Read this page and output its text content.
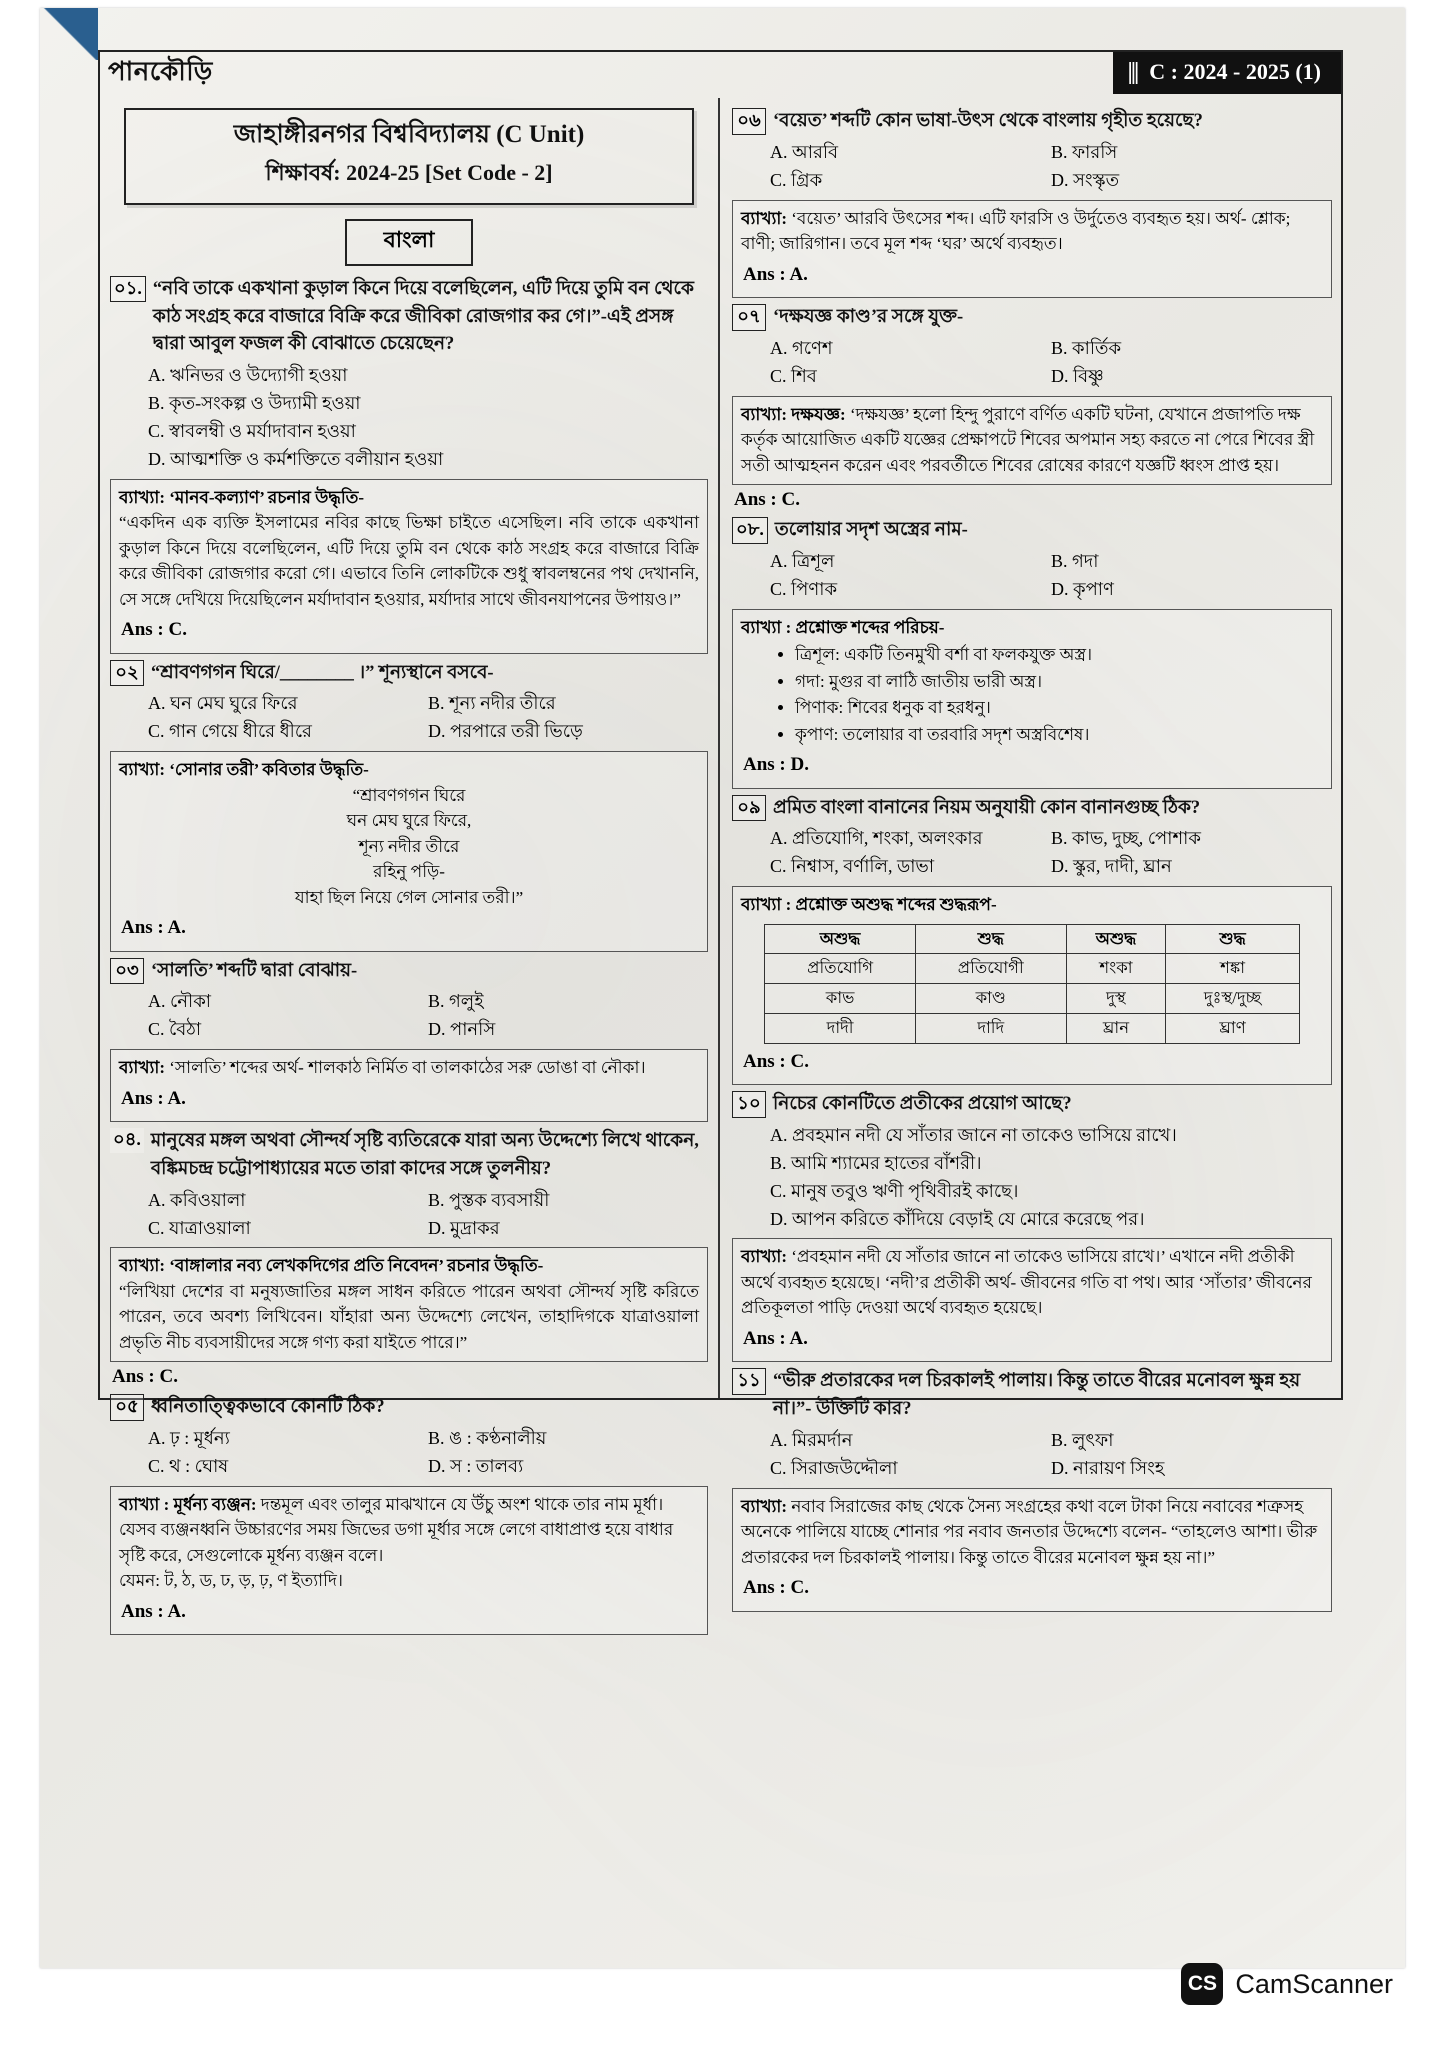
পানকৌড়ি	||| C : 2024 - 2025 (1)
জাহাঙ্গীরনগর বিশ্ববিদ্যালয় (C Unit)
শিক্ষাবর্ষ: 2024-25 [Set Code - 2]
বাংলা
০১. “নবি তাকে একখানা কুড়াল কিনে দিয়ে বলেছিলেন, এটি দিয়ে তুমি বন থেকে কাঠ সংগ্রহ করে বাজারে বিক্রি করে জীবিকা রোজগার কর গে।”-এই প্রসঙ্গ দ্বারা আবুল ফজল কী বোঝাতে চেয়েছেন?
A. ঋনিভর ও উদ্যোগী হওয়া
B. কৃত-সংকল্প ও উদ্যামী হওয়া
C. স্বাবলম্বী ও মর্যাদাবান হওয়া
D. আত্মশক্তি ও কর্মশক্তিতে বলীয়ান হওয়া
ব্যাখ্যা: ‘মানব-কল্যাণ’ রচনার উদ্ধৃতি-
“একদিন এক ব্যক্তি ইসলামের নবির কাছে ভিক্ষা চাইতে এসেছিল। নবি তাকে একখানা কুড়াল কিনে দিয়ে বলেছিলেন, এটি দিয়ে তুমি বন থেকে কাঠ সংগ্রহ করে বাজারে বিক্রি করে জীবিকা রোজগার করো গে। এভাবে তিনি লোকটিকে শুধু স্বাবলম্বনের পথ দেখাননি, সে সঙ্গে দেখিয়ে দিয়েছিলেন মর্যাদাবান হওয়ার, মর্যাদার সাথে জীবনযাপনের উপায়ও।”
Ans : C.
০২ “শ্রাবণগগন ঘিরে/________ ।” শূন্যস্থানে বসবে-
A. ঘন মেঘ ঘুরে ফিরে	B. শূন্য নদীর তীরে
C. গান গেয়ে ধীরে ধীরে	D. পরপারে তরী ভিড়ে
ব্যাখ্যা: ‘সোনার তরী’ কবিতার উদ্ধৃতি-
“শ্রাবণগগন ঘিরে
ঘন মেঘ ঘুরে ফিরে,
শূন্য নদীর তীরে
রহিনু পড়ি-
যাহা ছিল নিয়ে গেল সোনার তরী।”
Ans : A.
০৩ ‘সালতি’ শব্দটি দ্বারা বোঝায়-
A. নৌকা	B. গলুই
C. বৈঠা	D. পানসি
ব্যাখ্যা: ‘সালতি’ শব্দের অর্থ- শালকাঠ নির্মিত বা তালকাঠের সরু ডোঙা বা নৌকা।
Ans : A.
০৪. মানুষের মঙ্গল অথবা সৌন্দর্য সৃষ্টি ব্যতিরেকে যারা অন্য উদ্দেশ্যে লিখে থাকেন, বঙ্কিমচন্দ্র চট্টোপাধ্যায়ের মতে তারা কাদের সঙ্গে তুলনীয়?
A. কবিওয়ালা	B. পুস্তক ব্যবসায়ী
C. যাত্রাওয়ালা	D. মুদ্রাকর
ব্যাখ্যা: ‘বাঙ্গালার নব্য লেখকদিগের প্রতি নিবেদন’ রচনার উদ্ধৃতি-
“লিখিয়া দেশের বা মনুষ্যজাতির মঙ্গল সাধন করিতে পারেন অথবা সৌন্দর্য সৃষ্টি করিতে পারেন, তবে অবশ্য লিখিবেন। যাঁহারা অন্য উদ্দেশ্যে লেখেন, তাহাদিগকে যাত্রাওয়ালা প্রভৃতি নীচ ব্যবসায়ীদের সঙ্গে গণ্য করা যাইতে পারে।”
Ans : C.
০৫ ধ্বনিতাত্ত্বিকভাবে কোনটি ঠিক?
A. ঢ় : মূর্ধন্য	B. ঙ : কণ্ঠনালীয়
C. থ : ঘোষ	D. স : তালব্য
ব্যাখ্যা : মূর্ধন্য ব্যঞ্জন: দন্তমূল এবং তালুর মাঝখানে যে উঁচু অংশ থাকে তার নাম মূর্ধা। যেসব ব্যঞ্জনধ্বনি উচ্চারণের সময় জিভের ডগা মূর্ধার সঙ্গে লেগে বাধাপ্রাপ্ত হয়ে বাধার সৃষ্টি করে, সেগুলোকে মূর্ধন্য ব্যঞ্জন বলে।
যেমন: ট, ঠ, ড, ঢ, ড়, ঢ়, ণ ইত্যাদি।
Ans : A.
০৬ ‘বয়েত’ শব্দটি কোন ভাষা-উৎস থেকে বাংলায় গৃহীত হয়েছে?
A. আরবি	B. ফারসি
C. গ্রিক	D. সংস্কৃত
ব্যাখ্যা: ‘বয়েত’ আরবি উৎসের শব্দ। এটি ফারসি ও উর্দুতেও ব্যবহৃত হয়। অর্থ- শ্লোক; বাণী; জারিগান। তবে মূল শব্দ ‘ঘর’ অর্থে ব্যবহৃত।
Ans : A.
০৭ ‘দক্ষযজ্ঞ কাণ্ড’র সঙ্গে যুক্ত-
A. গণেশ	B. কার্তিক
C. শিব	D. বিষ্ণু
ব্যাখ্যা: দক্ষযজ্ঞ: ‘দক্ষযজ্ঞ’ হলো হিন্দু পুরাণে বর্ণিত একটি ঘটনা, যেখানে প্রজাপতি দক্ষ কর্তৃক আয়োজিত একটি যজ্ঞের প্রেক্ষাপটে শিবের অপমান সহ্য করতে না পেরে শিবের স্ত্রী সতী আত্মহনন করেন এবং পরবর্তীতে শিবের রোষের কারণে যজ্ঞটি ধ্বংস প্রাপ্ত হয়।
Ans : C.
০৮. তলোয়ার সদৃশ অস্ত্রের নাম-
A. ত্রিশূল	B. গদা
C. পিণাক	D. কৃপাণ
ব্যাখ্যা : প্রশ্নোক্ত শব্দের পরিচয়-
• ত্রিশূল: একটি তিনমুখী বর্শা বা ফলকযুক্ত অস্ত্র।
• গদা: মুগুর বা লাঠি জাতীয় ভারী অস্ত্র।
• পিণাক: শিবের ধনুক বা হরধনু।
• কৃপাণ: তলোয়ার বা তরবারি সদৃশ অস্ত্রবিশেষ।
Ans : D.
০৯ প্রমিত বাংলা বানানের নিয়ম অনুযায়ী কোন বানানগুচ্ছ ঠিক?
A. প্রতিযোগি, শংকা, অলংকার	B. কাভ, দুচ্ছ, পোশাক
C. নিশ্বাস, বর্ণালি, ডাভা	D. স্কুর, দাদী, ঘ্রান
ব্যাখ্যা : প্রশ্নোক্ত অশুদ্ধ শব্দের শুদ্ধরূপ-
অশুদ্ধ	শুদ্ধ	অশুদ্ধ	শুদ্ধ
প্রতিযোগি	প্রতিযোগী	শংকা	শঙ্কা
কাভ	কাণ্ড	দুস্থ	দুঃস্থ/দুচ্ছ
দাদী	দাদি	ঘ্রান	ঘ্রাণ
Ans : C.
১০ নিচের কোনটিতে প্রতীকের প্রয়োগ আছে?
A. প্রবহমান নদী যে সাঁতার জানে না তাকেও ভাসিয়ে রাখে।
B. আমি শ্যামের হাতের বাঁশরী।
C. মানুষ তবুও ঋণী পৃথিবীরই কাছে।
D. আপন করিতে কাঁদিয়ে বেড়াই যে মোরে করেছে পর।
ব্যাখ্যা: ‘প্রবহমান নদী যে সাঁতার জানে না তাকেও ভাসিয়ে রাখে।’ এখানে নদী প্রতীকী অর্থে ব্যবহৃত হয়েছে। ‘নদী’র প্রতীকী অর্থ- জীবনের গতি বা পথ। আর ‘সাঁতার’ জীবনের প্রতিকূলতা পাড়ি দেওয়া অর্থে ব্যবহৃত হয়েছে।
Ans : A.
১১ “ভীরু প্রতারকের দল চিরকালই পালায়। কিন্তু তাতে বীরের মনোবল ক্ষুন্ন হয় না।”- উক্তিটি কার?
A. মিরমর্দান	B. লুৎফা
C. সিরাজউদ্দৌলা	D. নারায়ণ সিংহ
ব্যাখ্যা: নবাব সিরাজের কাছ থেকে সৈন্য সংগ্রহের কথা বলে টাকা নিয়ে নবাবের শত্রুসহ অনেকে পালিয়ে যাচ্ছে শোনার পর নবাব জনতার উদ্দেশ্যে বলেন- “তাহলেও আশা। ভীরু প্রতারকের দল চিরকালই পালায়। কিন্তু তাতে বীরের মনোবল ক্ষুন্ন হয় না।”
Ans : C.
CS CamScanner
